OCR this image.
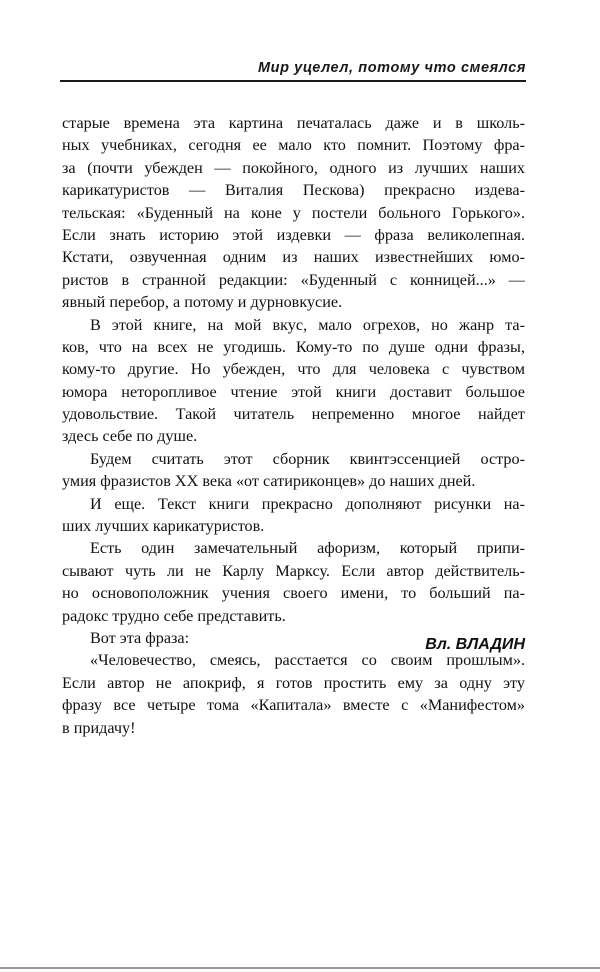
Мир уцелел, потому что смеялся
старые времена эта картина печаталась даже и в школь-
ных учебниках, сегодня ее мало кто помнит. Поэтому фра-
за (почти убежден — покойного, одного из лучших наших
карикатуристов — Виталия Пескова) прекрасно издева-
тельская: «Буденный на коне у постели больного Горького».
Если знать историю этой издевки — фраза великолепная.
Кстати, озвученная одним из наших известнейших юмо-
ристов в странной редакции: «Буденный с конницей...» —
явный перебор, а потому и дурновкусие.
В этой книге, на мой вкус, мало огрехов, но жанр та-
ков, что на всех не угодишь. Кому-то по душе одни фразы,
кому-то другие. Но убежден, что для человека с чувством
юмора неторопливое чтение этой книги доставит большое
удовольствие. Такой читатель непременно многое найдет
здесь себе по душе.
Будем считать этот сборник квинтэссенцией остро-
умия фразистов XX века «от сатириконцев» до наших дней.
И еще. Текст книги прекрасно дополняют рисунки на-
ших лучших карикатуристов.
Есть один замечательный афоризм, который припи-
сывают чуть ли не Карлу Марксу. Если автор действитель-
но основоположник учения своего имени, то больший па-
радокс трудно себе представить.
Вот эта фраза:
«Человечество, смеясь, расстается со своим прошлым».
Если автор не апокриф, я готов простить ему за одну эту
фразу все четыре тома «Капитала» вместе с «Манифестом»
в придачу!
Вл. ВЛАДИН
